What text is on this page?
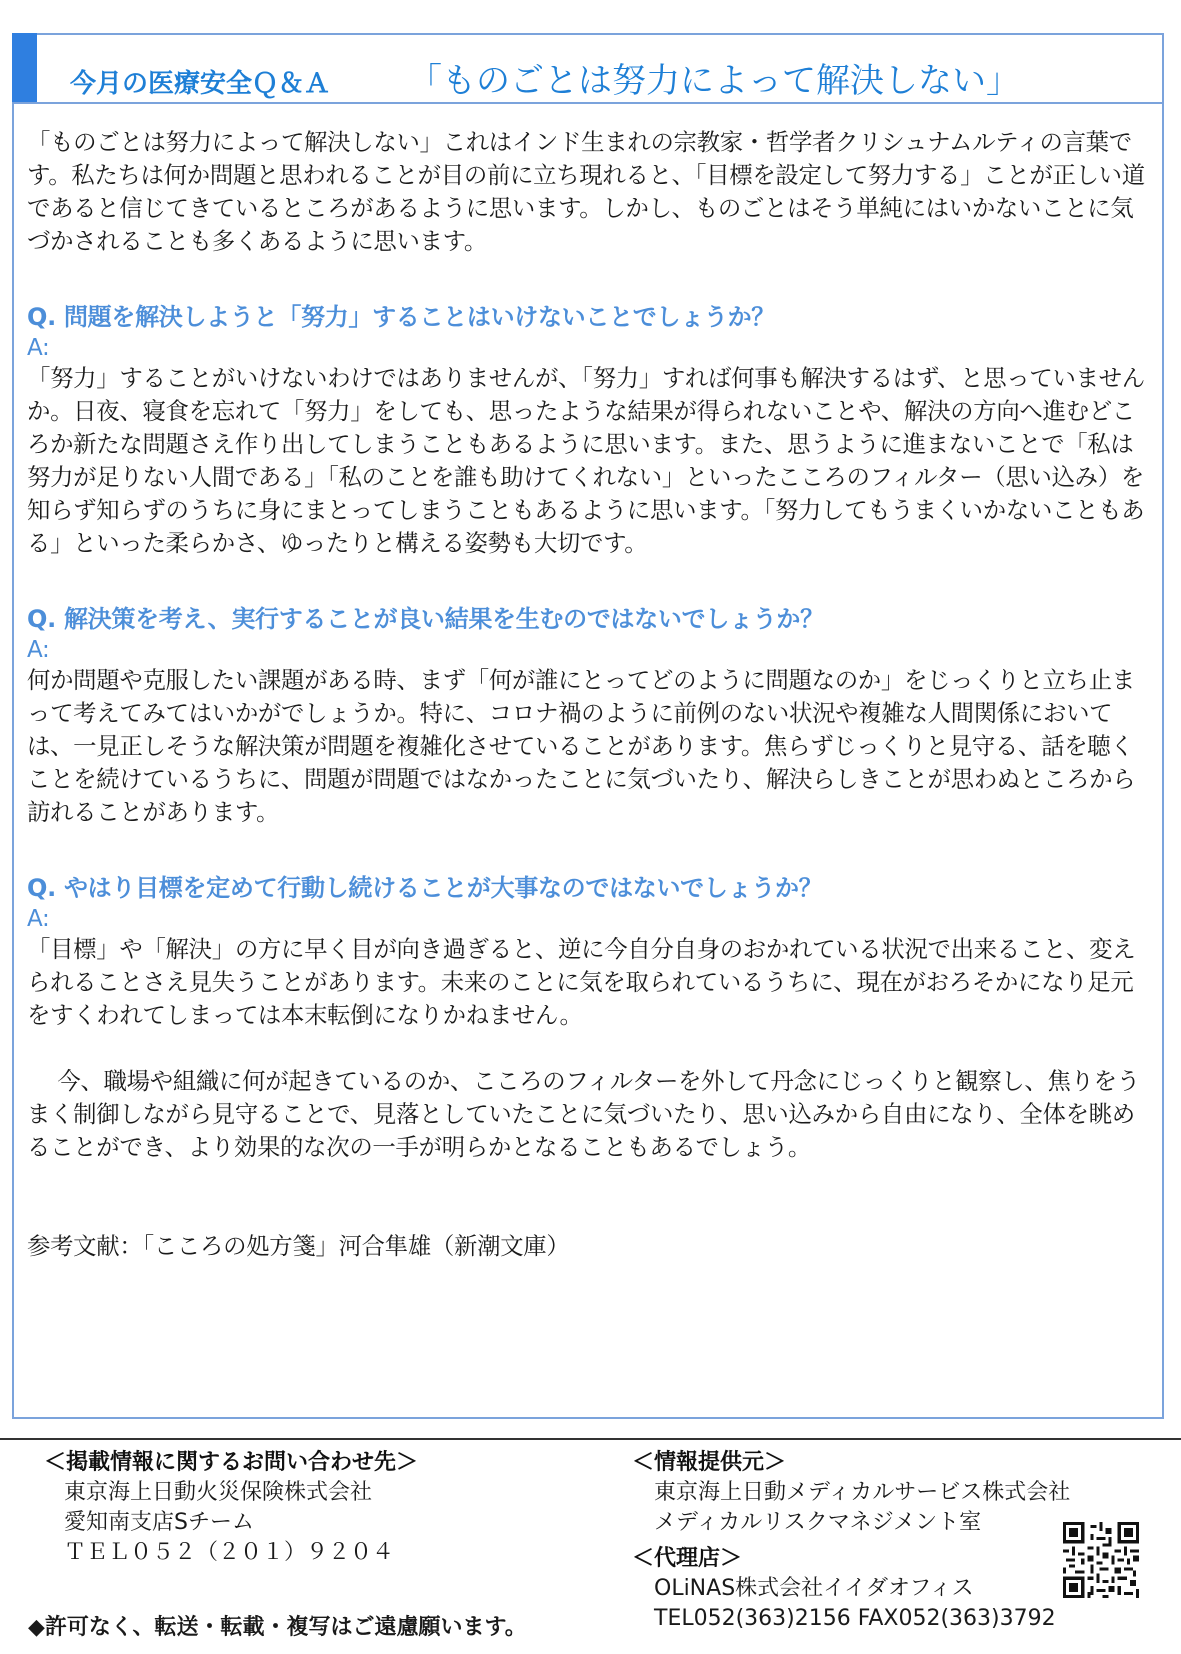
今月の医療安全Ｑ＆Ａ 「ものごとは努力によって解決しない」

「ものごとは努力によって解決しない」これはインド生まれの宗教家・哲学者クリシュナムルティの言葉です。私たちは何か問題と思われることが目の前に立ち現れると、「目標を設定して努力する」ことが正しい道であると信じてきているところがあるように思います。しかし、ものごとはそう単純にはいかないことに気づかされることも多くあるように思います。

Q. 問題を解決しようと「努力」することはいけないことでしょうか？

A:

「努力」することがいけないわけではありませんが、「努力」すれば何事も解決するはず、と思っていませんか。日夜、寝食を忘れて「努力」をしても、思ったような結果が得られないことや、解決の方向へ進むどころか新たな問題さえ作り出してしまうこともあるように思います。また、思うように進まないことで「私は努力が足りない人間である」「私のことを誰も助けてくれない」といったこころのフィルター（思い込み）を知らず知らずのうちに身にまとってしまうこともあるように思います。「努力してもうまくいかないこともある」といった柔らかさ、ゆったりと構える姿勢も大切です。

Q. 解決策を考え、実行することが良い結果を生むのではないでしょうか？

A:

何か問題や克服したい課題がある時、まず「何が誰にとってどのように問題なのか」をじっくりと立ち止まって考えてみてはいかがでしょうか。特に、コロナ禍のように前例のない状況や複雑な人間関係においては、一見正しそうな解決策が問題を複雑化させていることがあります。焦らずじっくりと見守る、話を聴くことを続けているうちに、問題が問題ではなかったことに気づいたり、解決らしきことが思わぬところから訪れることがあります。

Q. やはり目標を定めて行動し続けることが大事なのではないでしょうか？

A:

「目標」や「解決」の方に早く目が向き過ぎると、逆に今自分自身のおかれている状況で出来ること、変えられることさえ見失うことがあります。未来のことに気を取られているうちに、現在がおろそかになり足元をすくわれてしまっては本末転倒になりかねません。

今、職場や組織に何が起きているのか、こころのフィルターを外して丹念にじっくりと観察し、焦りをうまく制御しながら見守ることで、見落としていたことに気づいたり、思い込みから自由になり、全体を眺めることができ、より効果的な次の一手が明らかとなることもあるでしょう。

参考文献：「こころの処方箋」河合隼雄（新潮文庫）

＜掲載情報に関するお問い合わせ先＞
東京海上日動火災保険株式会社
愛知南支店Sチーム
ＴＥＬ０５２（２０１）９２０４
＜情報提供元＞
東京海上日動メディカルサービス株式会社
メディカルリスクマネジメント室
＜代理店＞
OLiNAS株式会社イイダオフィス
TEL052(363)2156 FAX052(363)3792
◆許可なく、転送・転載・複写はご遠慮願います。
